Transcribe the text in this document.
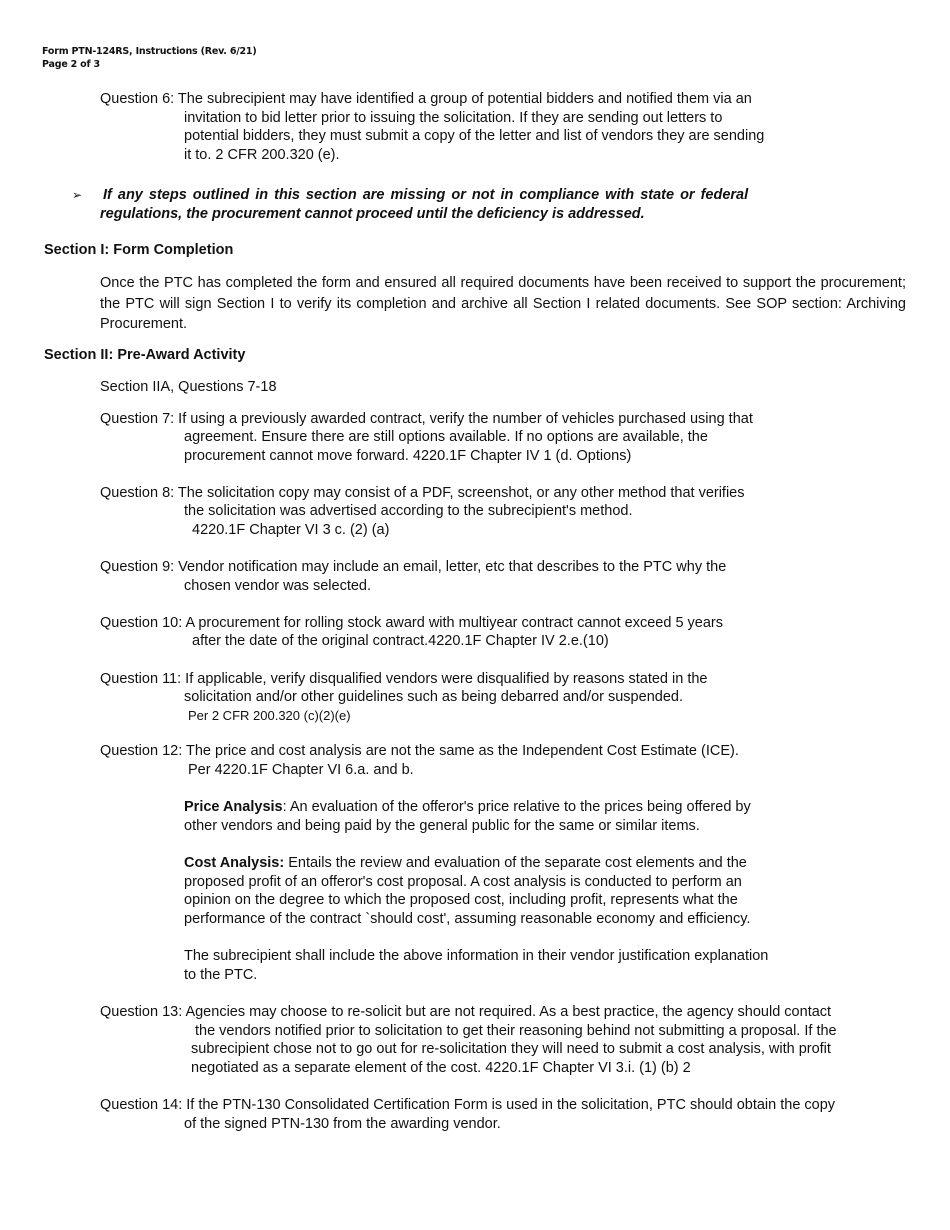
Form PTN-124RS, Instructions (Rev. 6/21)
Page 2 of 3
Question 6: The subrecipient may have identified a group of potential bidders and notified them via an
invitation to bid letter prior to issuing the solicitation. If they are sending out letters to
potential bidders, they must submit a copy of the letter and list of vendors they are sending
it to. 2 CFR 200.320 (e).
➢ If any steps outlined in this section are missing or not in compliance with state or federal
regulations, the procurement cannot proceed until the deficiency is addressed.
Section I: Form Completion
Once the PTC has completed the form and ensured all required documents have been received to support the procurement; the PTC will sign Section I to verify its completion and archive all Section I related documents. See SOP section: Archiving Procurement.
Section II: Pre-Award Activity
Section IIA, Questions 7-18
Question 7: If using a previously awarded contract, verify the number of vehicles purchased using that
agreement. Ensure there are still options available. If no options are available, the
procurement cannot move forward. 4220.1F Chapter IV 1 (d. Options)
Question 8: The solicitation copy may consist of a PDF, screenshot, or any other method that verifies
the solicitation was advertised according to the subrecipient's method.
4220.1F Chapter VI 3 c. (2) (a)
Question 9: Vendor notification may include an email, letter, etc that describes to the PTC why the
chosen vendor was selected.
Question 10: A procurement for rolling stock award with multiyear contract cannot exceed 5 years
after the date of the original contract.4220.1F Chapter IV 2.e.(10)
Question 11: If applicable, verify disqualified vendors were disqualified by reasons stated in the
solicitation and/or other guidelines such as being debarred and/or suspended.
Per 2 CFR 200.320 (c)(2)(e)
Question 12: The price and cost analysis are not the same as the Independent Cost Estimate (ICE).
Per 4220.1F Chapter VI 6.a. and b.
Price Analysis: An evaluation of the offeror's price relative to the prices being offered by
other vendors and being paid by the general public for the same or similar items.
Cost Analysis: Entails the review and evaluation of the separate cost elements and the
proposed profit of an offeror's cost proposal. A cost analysis is conducted to perform an
opinion on the degree to which the proposed cost, including profit, represents what the
performance of the contract `should cost', assuming reasonable economy and efficiency.
The subrecipient shall include the above information in their vendor justification explanation
to the PTC.
Question 13: Agencies may choose to re-solicit but are not required. As a best practice, the agency should contact
the vendors notified prior to solicitation to get their reasoning behind not submitting a proposal. If the
subrecipient chose not to go out for re-solicitation they will need to submit a cost analysis, with profit
negotiated as a separate element of the cost. 4220.1F Chapter VI 3.i. (1) (b) 2
Question 14: If the PTN-130 Consolidated Certification Form is used in the solicitation, PTC should obtain the copy
of the signed PTN-130 from the awarding vendor.
